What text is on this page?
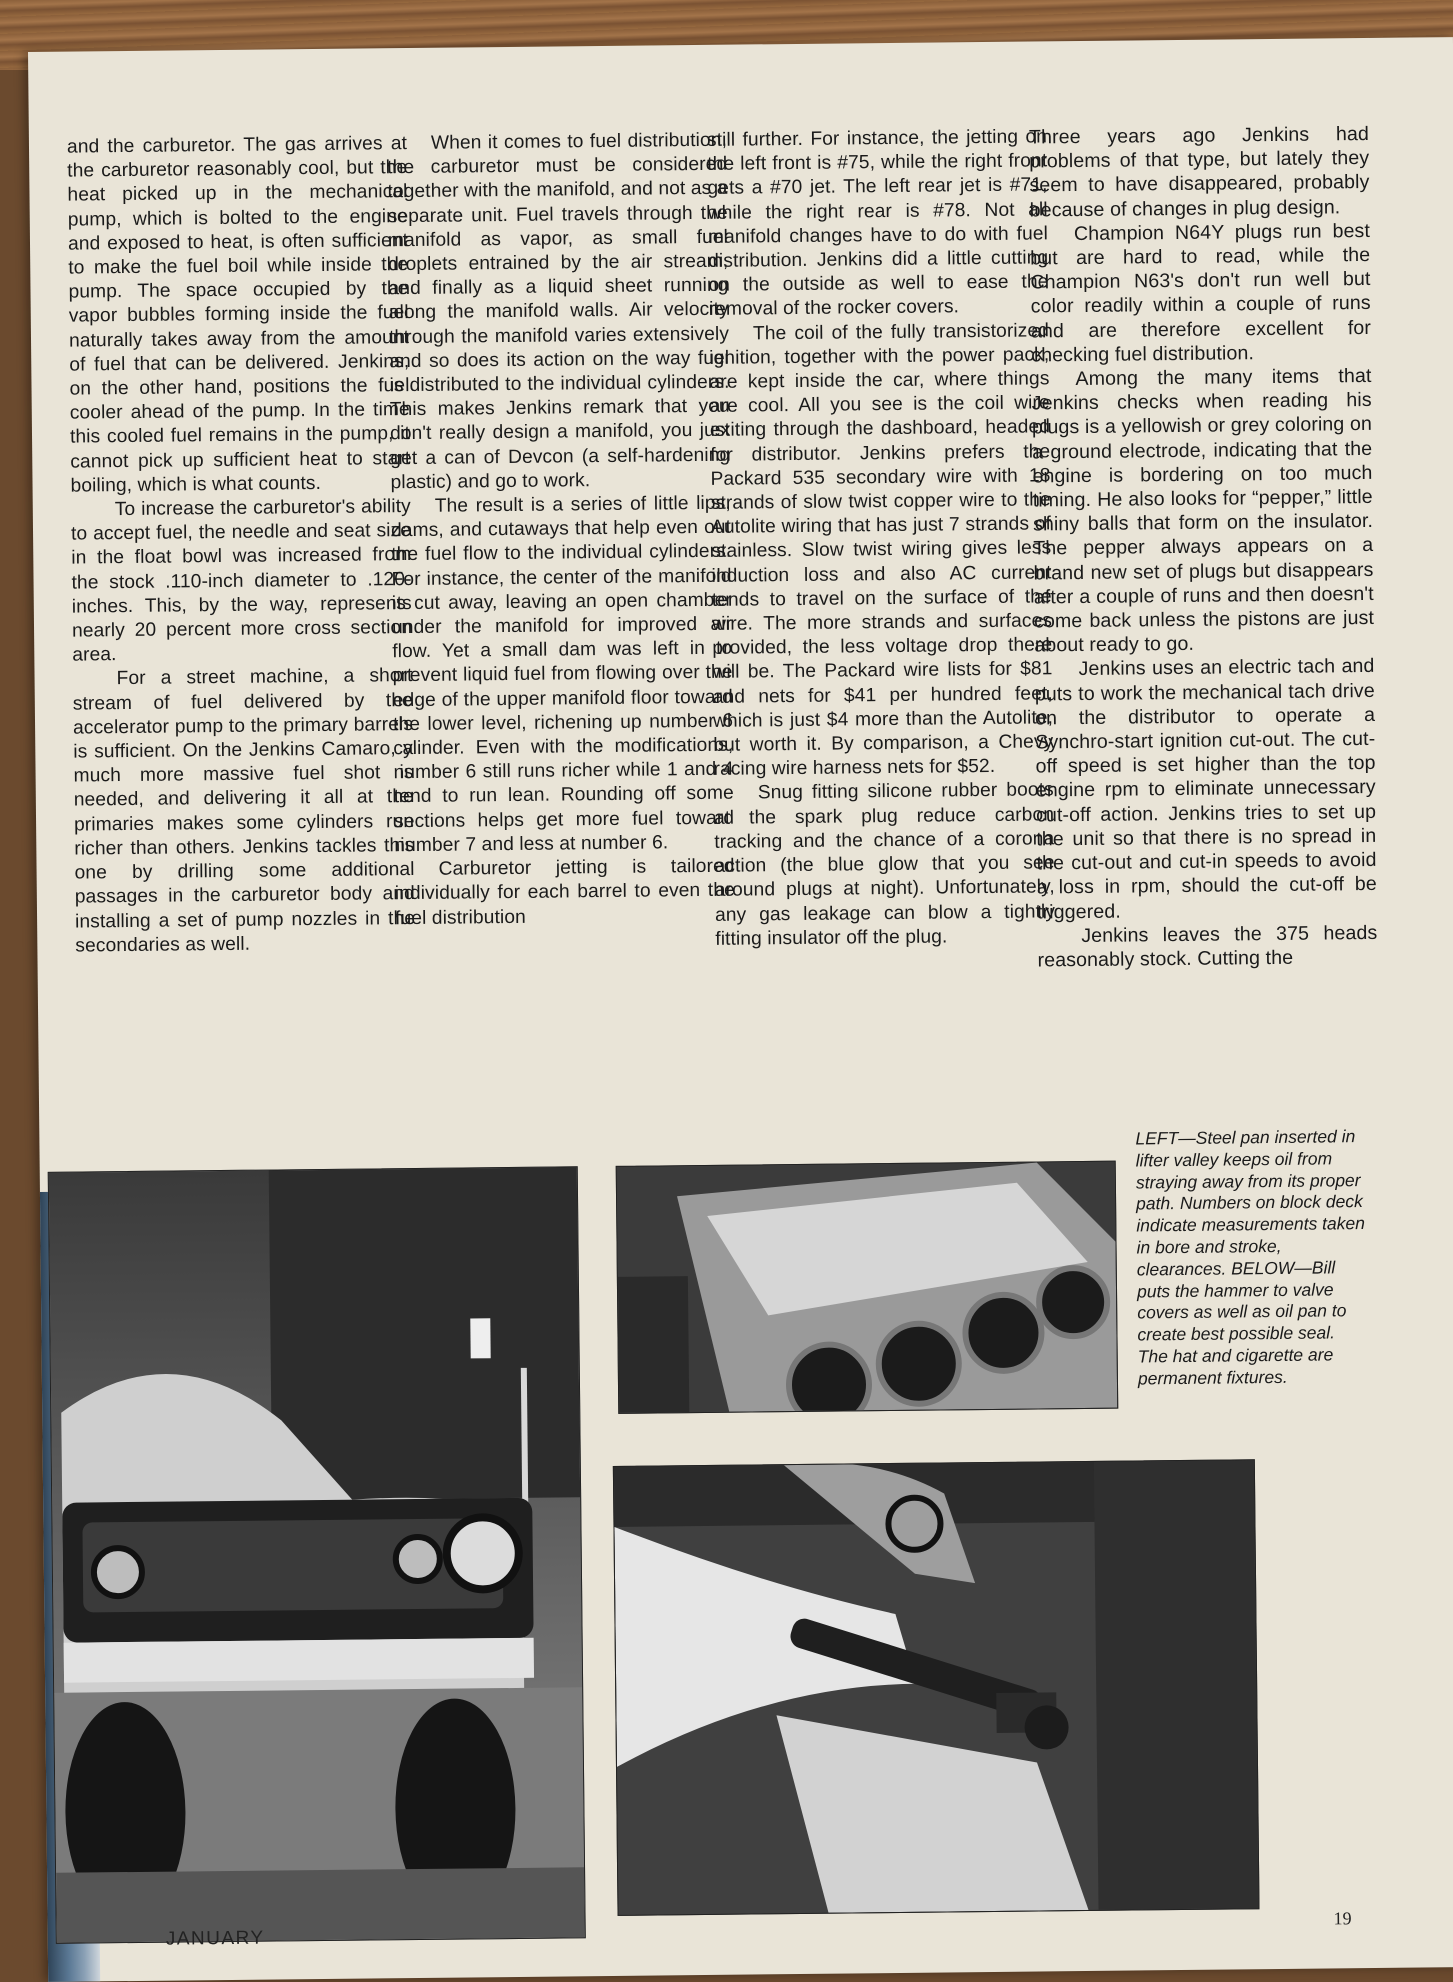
and the carburetor. The gas arrives at the carburetor reasonably cool, but the heat picked up in the mechanical pump, which is bolted to the engine and exposed to heat, is often sufficient to make the fuel boil while inside the pump. The space occupied by the vapor bubbles forming inside the fuel naturally takes away from the amount of fuel that can be delivered. Jenkins, on the other hand, positions the fuel cooler ahead of the pump. In the time this cooled fuel remains in the pump, it cannot pick up sufficient heat to start boiling, which is what counts.

To increase the carburetor's ability to accept fuel, the needle and seat size in the float bowl was increased from the stock .110-inch diameter to .120-inches. This, by the way, represents nearly 20 percent more cross section area.

For a street machine, a short stream of fuel delivered by the accelerator pump to the primary barrels is sufficient. On the Jenkins Camaro, a much more massive fuel shot is needed, and delivering it all at the primaries makes some cylinders run richer than others. Jenkins tackles this one by drilling some additional passages in the carburetor body and installing a set of pump nozzles in the secondaries as well.

When it comes to fuel distribution, the carburetor must be considered together with the manifold, and not as a separate unit. Fuel travels through the manifold as vapor, as small fuel droplets entrained by the air stream, and finally as a liquid sheet running along the manifold walls. Air velocity through the manifold varies extensively and so does its action on the way fuel is distributed to the individual cylinders. This makes Jenkins remark that you don't really design a manifold, you just get a can of Devcon (a self-hardening plastic) and go to work.

The result is a series of little lips, dams, and cutaways that help even out the fuel flow to the individual cylinders. For instance, the center of the manifold is cut away, leaving an open chamber under the manifold for improved air flow. Yet a small dam was left in to prevent liquid fuel from flowing over the edge of the upper manifold floor toward the lower level, richening up number 6 cylinder. Even with the modifications, number 6 still runs richer while 1 and 4 tend to run lean. Rounding off some sections helps get more fuel toward number 7 and less at number 6.

Carburetor jetting is tailored individually for each barrel to even the fuel distribution

still further. For instance, the jetting on the left front is #75, while the right front gets a #70 jet. The left rear jet is #71, while the right rear is #78. Not all manifold changes have to do with fuel distribution. Jenkins did a little cutting on the outside as well to ease the removal of the rocker covers.

The coil of the fully transistorized ignition, together with the power pack, are kept inside the car, where things are cool. All you see is the coil wire exiting through the dashboard, headed for distributor. Jenkins prefers the Packard 535 secondary wire with 18 strands of slow twist copper wire to the Autolite wiring that has just 7 strands of stainless. Slow twist wiring gives less induction loss and also AC current tends to travel on the surface of the wire. The more strands and surfaces provided, the less voltage drop there will be. The Packard wire lists for $81 and nets for $41 per hundred feet, which is just $4 more than the Autolite, but worth it. By comparison, a Chevy racing wire harness nets for $52.

Snug fitting silicone rubber boots at the spark plug reduce carbon tracking and the chance of a corona action (the blue glow that you see around plugs at night). Unfortunately, any gas leakage can blow a tightly fitting insulator off the plug.

Three years ago Jenkins had problems of that type, but lately they seem to have disappeared, probably because of changes in plug design.

Champion N64Y plugs run best but are hard to read, while the Champion N63's don't run well but color readily within a couple of runs and are therefore excellent for checking fuel distribution.

Among the many items that Jenkins checks when reading his plugs is a yellowish or grey coloring on a ground electrode, indicating that the engine is bordering on too much timing. He also looks for “pepper,” little shiny balls that form on the insulator. The pepper always appears on a brand new set of plugs but disappears after a couple of runs and then doesn't come back unless the pistons are just about ready to go.

Jenkins uses an electric tach and puts to work the mechanical tach drive on the distributor to operate a Synchro-start ignition cut-out. The cut-off speed is set higher than the top engine rpm to eliminate unnecessary cut-off action. Jenkins tries to set up the unit so that there is no spread in the cut-out and cut-in speeds to avoid a loss in rpm, should the cut-off be triggered.

Jenkins leaves the 375 heads reasonably stock. Cutting the

LEFT—Steel pan inserted in lifter valley keeps oil from straying away from its proper path. Numbers on block deck indicate measurements taken in bore and stroke, clearances. BELOW—Bill puts the hammer to valve covers as well as oil pan to create best possible seal. The hat and cigarette are permanent fixtures.
JANUARY
19
